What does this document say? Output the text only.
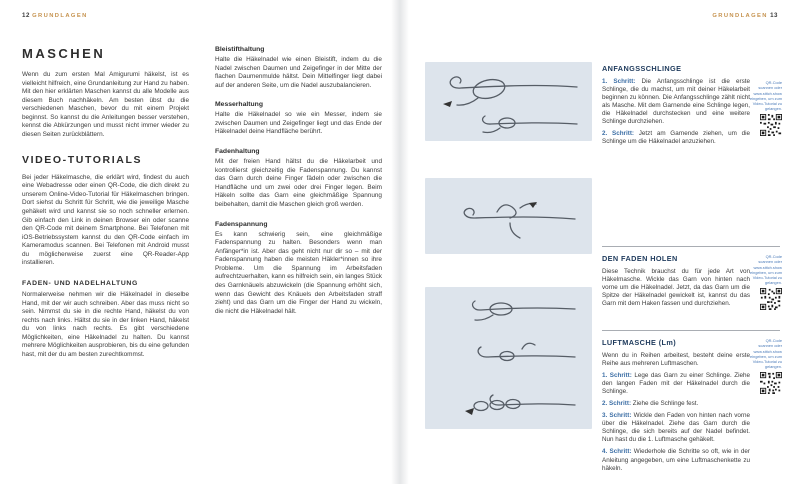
12 GRUNDLAGEN
MASCHEN

Wenn du zum ersten Mal Amigurumi häkelst, ist es vielleicht hilfreich, eine Grundanleitung zur Hand zu haben. Mit den hier erklärten Maschen kannst du alle Modelle aus diesem Buch nachhäkeln. Am besten übst du die verschiedenen Maschen, bevor du mit einem Projekt beginnst. So kannst du die Anleitungen besser verstehen, kennst die Abkürzungen und musst nicht immer wieder zu diesen Seiten zurückblättern.

VIDEO-TUTORIALS

Bei jeder Häkelmasche, die erklärt wird, findest du auch eine Webadresse oder einen QR-Code, die dich direkt zu unserem Online-Video-Tutorial für Häkelmaschen bringen. Dort siehst du Schritt für Schritt, wie die jeweilige Masche gehäkelt wird und kannst sie so noch schneller erlernen. Gib einfach den Link in deinen Browser ein oder scanne den QR-Code mit deinem Smartphone. Bei Telefonen mit iOS-Betriebssystem kannst du den QR-Code einfach im Kameramodus scannen. Bei Telefonen mit Android musst du möglicherweise zuerst eine QR-Reader-App installieren.

FADEN- UND NADELHALTUNG

Normalerweise nehmen wir die Häkelnadel in dieselbe Hand, mit der wir auch schreiben. Aber das muss nicht so sein. Nimmst du sie in die rechte Hand, häkelst du von rechts nach links. Hältst du sie in der linken Hand, häkelst du von links nach rechts. Es gibt verschiedene Möglichkeiten, eine Häkelnadel zu halten. Du kannst mehrere Möglichkeiten ausprobieren, bis du eine gefunden hast, mit der du am besten zurechtkommst.

Bleistifthaltung

Halte die Häkelnadel wie einen Bleistift, indem du die Nadel zwischen Daumen und Zeigefinger in der Mitte der flachen Daumenmulde hältst. Dein Mittelfinger liegt dabei auf der anderen Seite, um die Nadel auszubalancieren.

Messerhaltung

Halte die Häkelnadel so wie ein Messer, indem sie zwischen Daumen und Zeigefinger liegt und das Ende der Häkelnadel deine Handfläche berührt.

Fadenhaltung

Mit der freien Hand hältst du die Häkelarbeit und kontrollierst gleichzeitig die Fadenspannung. Du kannst das Garn durch deine Finger fädeln oder zwischen die Handfläche und um zwei oder drei Finger legen. Beim Häkeln sollte das Garn eine gleichmäßige Spannung beibehalten, damit die Maschen gleich groß werden.

Fadenspannung

Es kann schwierig sein, eine gleichmäßige Fadenspannung zu halten. Besonders wenn man Anfänger*in ist. Aber das geht nicht nur dir so – mit der Fadenspannung haben die meisten Häkler*innen so ihre Probleme. Um die Spannung im Arbeitsfaden aufrechtzuerhalten, kann es hilfreich sein, ein langes Stück des Garnknäuels abzuwickeln (die Spannung erhöht sich, wenn das Gewicht des Knäuels den Arbeitsfaden straff zieht) und das Garn um die Finger der Hand zu wickeln, die nicht die Häkelnadel hält.

GRUNDLAGEN 13
ANFANGSSCHLINGE

1. Schritt: Die Anfangsschlinge ist die erste Schlinge, die du machst, um mit deiner Häkelarbeit beginnen zu können. Die Anfangsschlinge zählt nicht als Masche. Mit dem Garnende eine Schlinge legen, die Häkelnadel durchstecken und eine weitere Schlinge durchziehen.

2. Schritt: Jetzt am Garnende ziehen, um die Schlinge um die Häkelnadel anzuziehen.

DEN FADEN HOLEN

Diese Technik brauchst du für jede Art von Häkelmasche. Wickle das Garn von hinten nach vorne um die Häkelnadel. Jetzt, da das Garn um die Spitze der Häkelnadel gewickelt ist, kannst du das Garn mit dem Haken fassen und durchziehen.

LUFTMASCHE (Lm)

Wenn du in Reihen arbeitest, besteht deine erste Reihe aus mehreren Luftmaschen.

1. Schritt: Lege das Garn zu einer Schlinge. Ziehe den langen Faden mit der Häkelnadel durch die Schlinge.

2. Schritt: Ziehe die Schlinge fest.

3. Schritt: Wickle den Faden von hinten nach vorne über die Häkelnadel. Ziehe das Garn durch die Schlinge, die sich bereits auf der Nadel befindet. Nun hast du die 1. Luftmasche gehäkelt.

4. Schritt: Wiederhole die Schritte so oft, wie in der Anleitung angegeben, um eine Luftmaschenkette zu häkeln.

QR-Code scannen oder www.stitch.show eingeben, um zum Video-Tutorial zu gelangen.
QR-Code scannen oder www.stitch.show eingeben, um zum Video-Tutorial zu gelangen.
QR-Code scannen oder www.stitch.show eingeben, um zum Video-Tutorial zu gelangen.
